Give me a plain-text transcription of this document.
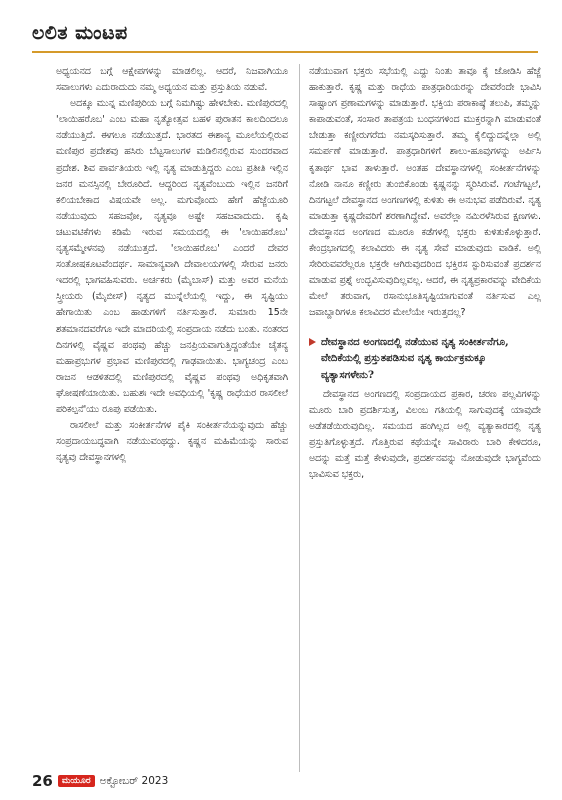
ಲಲಿತ ಮಂಟಪ

ಅಧ್ಯಯನದ ಬಗ್ಗೆ ಆಕ್ಷೇಪಗಳನ್ನು ಮಾಡಲಿಲ್ಲ. ಆದರೆ, ನಿಜವಾಗಿಯೂ ಸವಾಲುಗಳು ಎದುರಾದುದು ನಮ್ಮ ಅಧ್ಯಯನ ಮತ್ತು ಪ್ರಸ್ತುತಿಯ ನಡುವೆ.

ಅದಕ್ಕೂ ಮುನ್ನ ಮಣಿಪುರಿಯ ಬಗ್ಗೆ ನಿಮಗಿಷ್ಟು ಹೇಳಬೇಕು. ಮಣಿಪುರದಲ್ಲಿ 'ಲಾಯಿಹರೊಬ' ಎಂಬ ಮಹಾ ನೃತ್ಯೋತ್ಸವ ಬಹಳ ಪುರಾತನ ಕಾಲದಿಂದಲೂ ನಡೆಯುತ್ತಿದೆ. ಈಗಲೂ ನಡೆಯುತ್ತದೆ. ಭಾರತದ ಈಶಾನ್ಯ ಮೂಲೆಯಲ್ಲಿರುವ ಮಣಿಪುರ ಪ್ರದೇಶವು ಹಸಿರು ಬೆಟ್ಟಸಾಲುಗಳ ಮಡಿಲಿನಲ್ಲಿರುವ ಸುಂದರವಾದ ಪ್ರದೇಶ. ಶಿವ ಪಾರ್ವತಿಯರು ಇಲ್ಲಿ ನೃತ್ಯ ಮಾಡುತ್ತಿದ್ದರು ಎಂಬ ಪ್ರತೀತಿ ಇಲ್ಲಿನ ಜನರ ಮನಸ್ಸಿನಲ್ಲಿ ಬೇರೂರಿದೆ. ಆದ್ದರಿಂದ ನೃತ್ಯವೆಂಬುದು ಇಲ್ಲಿನ ಜನರಿಗೆ ಕಲಿಯಬೇಕಾದ ವಿಷಯವೇ ಅಲ್ಲ. ಮಗುವೊಂದು ಹೇಗೆ ಹೆಜ್ಜೆಯೂರಿ ನಡೆಯುವುದು ಸಹಜವೋ, ನೃತ್ಯವೂ ಅಷ್ಟೇ ಸಹಜವಾದುದು. ಕೃಷಿ ಚಟುವಟಿಕೆಗಳು ಕಡಿಮೆ ಇರುವ ಸಮಯದಲ್ಲಿ ಈ 'ಲಾಯಿಹರೊಬ' ನೃತ್ಯಸಮ್ಮೇಳನವು ನಡೆಯುತ್ತದೆ. 'ಲಾಯಿಹರೊಬ' ಎಂದರೆ ದೇವರ ಸಂತೋಷಕೂಟವೆಂದರ್ಥ. ಸಾಮಾನ್ಯವಾಗಿ ದೇವಾಲಯಗಳಲ್ಲಿ ಸೇರುವ ಜನರು ಇದರಲ್ಲಿ ಭಾಗವಹಿಸುವರು. ಅರ್ಚಕರು (ಮೈಬಾಸ್) ಮತ್ತು ಅವರ ಮನೆಯ ಸ್ತ್ರೀಯರು (ಮೈಬೀಸ್) ನೃತ್ಯದ ಮುನ್ನೆಲೆಯಲ್ಲಿ ಇದ್ದು, ಈ ಸೃಷ್ಟಿಯು ಹೇಗಾಯಿತು ಎಂಬ ಹಾಡುಗಳಿಗೆ ನರ್ತಿಸುತ್ತಾರೆ. ಸುಮಾರು 15ನೇ ಶತಮಾನದವರೆಗೂ ಇದೇ ಮಾದರಿಯಲ್ಲಿ ಸಂಪ್ರದಾಯ ನಡೆದು ಬಂತು. ನಂತರದ ದಿನಗಳಲ್ಲಿ ವೈಷ್ಣವ ಪಂಥವು ಹೆಚ್ಚು ಜನಪ್ರಿಯವಾಗುತ್ತಿದ್ದಂತೆಯೇ ಚೈತನ್ಯ ಮಹಾಪ್ರಭುಗಳ ಪ್ರಭಾವ ಮಣಿಪುರದಲ್ಲಿ ಗಾಢವಾಯಿತು. ಭಾಗ್ಯಚಂದ್ರ ಎಂಬ ರಾಜನ ಆಡಳಿತದಲ್ಲಿ ಮಣಿಪುರದಲ್ಲಿ ವೈಷ್ಣವ ಪಂಥವು ಅಧಿಕೃತವಾಗಿ ಘೋಷಣೆಯಾಯಿತು. ಬಹುಶಃ ಇದೇ ಅವಧಿಯಲ್ಲಿ 'ಕೃಷ್ಣ ರಾಧೆಯರ ರಾಸಲೀಲೆ ಪರಿಕಲ್ಪನೆ'ಯು ರೂಪು ಪಡೆಯಿತು.

ರಾಸಲೀಲೆ ಮತ್ತು ಸಂಕೀರ್ತನೆಗಳ ಪೈಕಿ ಸಂಕೀರ್ತನೆಯನ್ನುವುದು ಹೆಚ್ಚು ಸಂಪ್ರದಾಯಬದ್ಧವಾಗಿ ನಡೆಯುವಂಥದ್ದು. ಕೃಷ್ಣನ ಮಹಿಮೆಯನ್ನು ಸಾರುವ ನೃತ್ಯವು ದೇವಸ್ಥಾನಗಳಲ್ಲಿ

ನಡೆಯುವಾಗ ಭಕ್ತರು ಸಭೆಯಲ್ಲಿ ಎದ್ದು ನಿಂತು ತಾವೂ ಕೈ ಜೋಡಿಸಿ ಹೆಜ್ಜೆ ಹಾಕುತ್ತಾರೆ. ಕೃಷ್ಣ ಮತ್ತು ರಾಧೆಯ ಪಾತ್ರಧಾರಿಯರನ್ನು ದೇವರೆಂದೇ ಭಾವಿಸಿ ಸಾಷ್ಟಾಂಗ ಪ್ರಣಾಮಗಳನ್ನು ಮಾಡುತ್ತಾರೆ. ಭಕ್ತಿಯ ಪರಾಕಾಷ್ಠೆ ತಲುಪಿ, ತಮ್ಮನ್ನು ಕಾಪಾಡುವಂತೆ, ಸಂಸಾರ ತಾಪತ್ರಯ ಬಂಧನಗಳಿಂದ ಮುಕ್ತರನ್ನಾಗಿ ಮಾಡುವಂತೆ ಬೇಡುತ್ತಾ ಕಣ್ಣೀರುಗರೆದು ನಮಸ್ಕರಿಸುತ್ತಾರೆ. ತಮ್ಮ ಕೈಲಿದ್ದುದನ್ನೆಲ್ಲಾ ಅಲ್ಲಿ ಸಮರ್ಪಣೆ ಮಾಡುತ್ತಾರೆ. ಪಾತ್ರಧಾರಿಗಳಿಗೆ ಶಾಲು-ಹೂವುಗಳನ್ನು ಅರ್ಪಿಸಿ ಕೃತಾರ್ಥ ಭಾವ ತಾಳುತ್ತಾರೆ. ಅಂತಹ ದೇವಸ್ಥಾನಗಳಲ್ಲಿ ಸಂಕೀರ್ತನೆಗಳನ್ನು ನೋಡಿ ನಾನೂ ಕಣ್ಣೀರು ತುಂಬಿಕೊಂಡು ಕೃಷ್ಣನನ್ನು ಸ್ಮರಿಸಿರುವೆ. ಗಂಟೆಗಟ್ಟಲೆ, ದಿನಗಟ್ಟಲೆ ದೇವಸ್ಥಾನದ ಅಂಗಣಗಳಲ್ಲಿ ಕುಳಿತು ಈ ಅನುಭವ ಪಡೆದಿರುವೆ. ನೃತ್ಯ ಮಾಡುತ್ತಾ ಕೃಷ್ಣದೇವರಿಗೆ ಶರಣಾಗಿದ್ದೇವೆ. ಅವರೆಲ್ಲಾ ನಮಿರಳೆಸಿರುವ ಕ್ಷಣಗಳು. ದೇವಸ್ಥಾನದ ಅಂಗಣದ ಮೂರೂ ಕಡೆಗಳಲ್ಲಿ ಭಕ್ತರು ಕುಳಿತುಕೊಳ್ಳುತ್ತಾರೆ. ಕೇಂದ್ರಭಾಗದಲ್ಲಿ ಕಲಾವಿದರು ಈ ನೃತ್ಯ ಸೇವೆ ಮಾಡುವುದು ವಾಡಿಕೆ. ಅಲ್ಲಿ ಸೇರಿರುವವರೆಲ್ಲರೂ ಭಕ್ತರೇ ಆಗಿರುವುದರಿಂದ ಭಕ್ತಿರಸ ಸ್ಫುರಿಸುವಂತೆ ಪ್ರದರ್ಶನ ಮಾಡುವ ಪ್ರಶ್ನೆ ಉದ್ಭವಿಸುವುದಿಲ್ಲವಲ್ಲ. ಆದರೆ, ಈ ನೃತ್ಯಪ್ರಕಾರವನ್ನು ವೇದಿಕೆಯ ಮೇಲೆ ತರುವಾಗ, ರಸಾನುಭೂತಿಸೃಷ್ಟಿಯಾಗುವಂತೆ ನರ್ತಿಸುವ ಎಲ್ಲ ಜವಾಬ್ದಾರಿಗಳೂ ಕಲಾವಿದರ ಮೇಲೆಯೇ ಇರುತ್ತದಲ್ಲ?

ದೇವಸ್ಥಾನದ ಅಂಗಣದಲ್ಲಿ ನಡೆಯುವ ನೃತ್ಯ ಸಂಕೀರ್ತನೆಗೂ, ವೇದಿಕೆಯಲ್ಲಿ ಪ್ರಸ್ತುತಪಡಿಸುವ ನೃತ್ಯ ಕಾರ್ಯಕ್ರಮಕ್ಕೂ ವ್ಯತ್ಯಾಸಗಳೇನು?

ದೇವಸ್ಥಾನದ ಅಂಗಣದಲ್ಲಿ ಸಂಪ್ರದಾಯದ ಪ್ರಕಾರ, ಚರಣ ಪಲ್ಲವಿಗಳನ್ನು ಮೂರು ಬಾರಿ ಪ್ರದರ್ಶಿಸುತ್ತ, ವಿಲಂಬ ಗತಿಯಲ್ಲಿ ಸಾಗುವುದಕ್ಕೆ ಯಾವುದೇ ಅಡೆತಡೆಯಿರುವುದಿಲ್ಲ. ಸಮಯದ ಹಂಗಿಲ್ಲದ ಅಲ್ಲಿ ವ್ಯತ್ಯಾಕಾರದಲ್ಲಿ ನೃತ್ಯ ಪ್ರಸ್ತುತಿಗೊಳ್ಳುತ್ತದೆ. ಗೊತ್ತಿರುವ ಕಥೆಯನ್ನೇ ಸಾವಿರಾರು ಬಾರಿ ಕೇಳಿದರೂ, ಅದನ್ನು ಮತ್ತೆ ಮತ್ತೆ ಕೇಳುವುದೇ, ಪ್ರದರ್ಶನವನ್ನು ನೋಡುವುದೇ ಭಾಗ್ಯವೆಂದು ಭಾವಿಸುವ ಭಕ್ತರು,

26	ಮಯೂರ ಅಕ್ಟೋಬರ್ 2023
